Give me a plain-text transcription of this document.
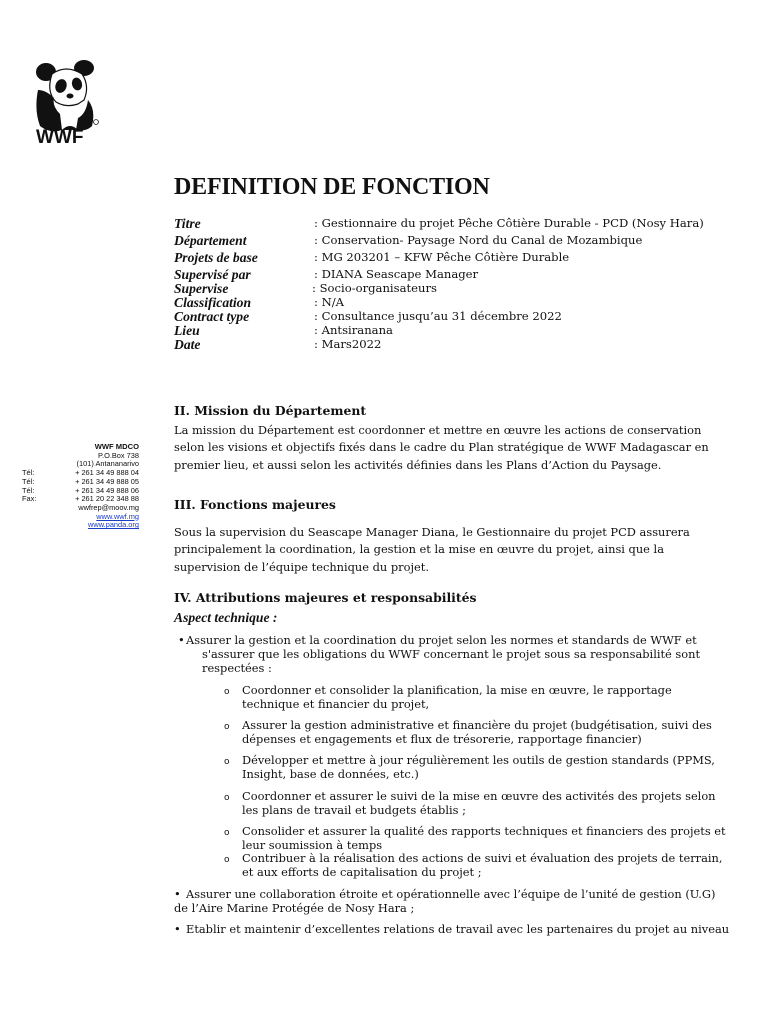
WWF
WWF MDCO
P.O.Box 738
(101) Antananarivo
Tél:	+ 261 34 49 888 04
Tél:	+ 261 34 49 888 05
Tél:	+ 261 34 49 888 06
Fax:	+ 261 20 22 348 88
wwfrep@moov.mg
www.wwf.mg
www.panda.org
DEFINITION DE FONCTION
Titre	: Gestionnaire du projet Pêche Côtière Durable - PCD (Nosy Hara)
Département	: Conservation- Paysage Nord du Canal de Mozambique
Projets de base	: MG 203201 – KFW Pêche Côtière Durable
Supervisé par	: DIANA Seascape Manager
Supervise	: Socio-organisateurs
Classification	: N/A
Contract type	: Consultance jusqu’au 31 décembre 2022
Lieu	: Antsiranana
Date	: Mars2022
II. Mission du Département
La mission du Département est coordonner et mettre en œuvre les actions de conservation
selon les visions et objectifs fixés dans le cadre du Plan stratégique de WWF Madagascar en
premier lieu, et aussi selon les activités définies dans les Plans d’Action du Paysage.
III. Fonctions majeures
Sous la supervision du Seascape Manager Diana, le Gestionnaire du projet PCD assurera
principalement la coordination, la gestion et la mise en œuvre du projet, ainsi que la
supervision de l’équipe technique du projet.
IV. Attributions majeures et responsabilités
Aspect technique :
• Assurer la gestion et la coordination du projet selon les normes et standards de WWF et
s'assurer que les obligations du WWF concernant le projet sous sa responsabilité sont
respectées :
o Coordonner et consolider la planification, la mise en œuvre, le rapportage
technique et financier du projet,
o Assurer la gestion administrative et financière du projet (budgétisation, suivi des
dépenses et engagements et flux de trésorerie, rapportage financier)
o Développer et mettre à jour régulièrement les outils de gestion standards (PPMS,
Insight, base de données, etc.)
o Coordonner et assurer le suivi de la mise en œuvre des activités des projets selon
les plans de travail et budgets établis ;
o Consolider et assurer la qualité des rapports techniques et financiers des projets et
leur soumission à temps
o Contribuer à la réalisation des actions de suivi et évaluation des projets de terrain,
et aux efforts de capitalisation du projet ;
• Assurer une collaboration étroite et opérationnelle avec l’équipe de l’unité de gestion (U.G)
de l’Aire Marine Protégée de Nosy Hara ;
• Etablir et maintenir d’excellentes relations de travail avec les partenaires du projet au niveau
